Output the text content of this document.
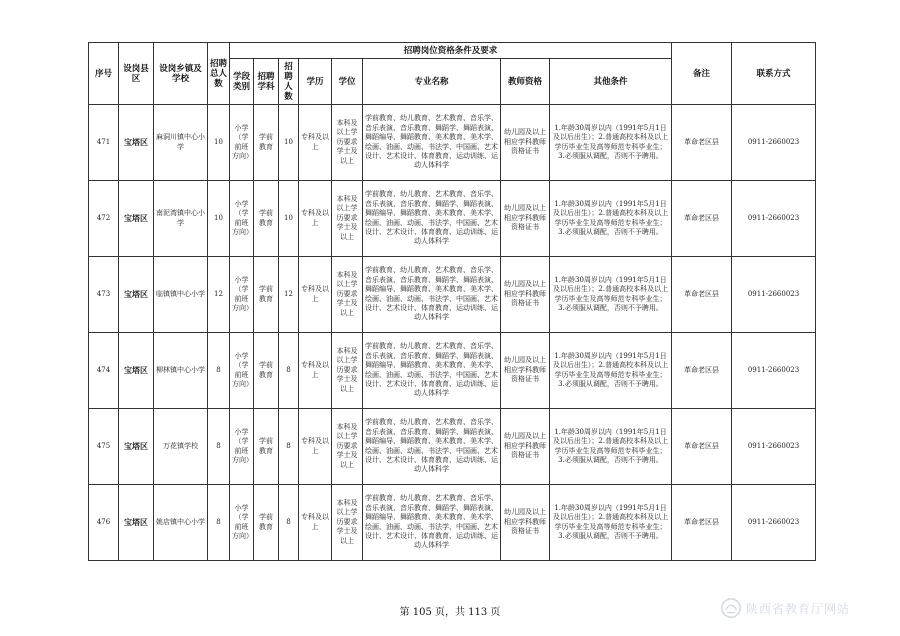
序号	设岗县区	设岗乡镇及学校	招聘总人数	招聘岗位资格条件及要求								备注	联系方式
				学段类别	招聘学科	招聘人数	学历	学位	专业名称	教师资格	其他条件		
471	宝塔区	麻洞川镇中心小学	10	小学（学前班方向）	学前教育	10	专科及以上	本科及以上学历要求学士及以上	学前教育、幼儿教育、艺术教育、音乐学、音乐表演、音乐教育、舞蹈学、舞蹈表演、舞蹈编导、舞蹈教育、美术教育、美术学、绘画、油画、动画、书法学、中国画、艺术设计、艺术设计、体育教育、运动训练、运动人体科学	幼儿园及以上相应学科教师资格证书	1.年龄30周岁以内（1991年5月1日及以后出生）；2.普通高校本科及以上学历毕业生及高等师范专科毕业生；3.必须服从调配，否则不予聘用。	革命老区县	0911-2660023
472	宝塔区	南泥湾镇中心小学	10	小学（学前班方向）	学前教育	10	专科及以上	本科及以上学历要求学士及以上	学前教育、幼儿教育、艺术教育、音乐学、音乐表演、音乐教育、舞蹈学、舞蹈表演、舞蹈编导、舞蹈教育、美术教育、美术学、绘画、油画、动画、书法学、中国画、艺术设计、艺术设计、体育教育、运动训练、运动人体科学	幼儿园及以上相应学科教师资格证书	1.年龄30周岁以内（1991年5月1日及以后出生）；2.普通高校本科及以上学历毕业生及高等师范专科毕业生；3.必须服从调配，否则不予聘用。	革命老区县	0911-2660023
473	宝塔区	临镇镇中心小学	12	小学（学前班方向）	学前教育	12	专科及以上	本科及以上学历要求学士及以上	学前教育、幼儿教育、艺术教育、音乐学、音乐表演、音乐教育、舞蹈学、舞蹈表演、舞蹈编导、舞蹈教育、美术教育、美术学、绘画、油画、动画、书法学、中国画、艺术设计、艺术设计、体育教育、运动训练、运动人体科学	幼儿园及以上相应学科教师资格证书	1.年龄30周岁以内（1991年5月1日及以后出生）；2.普通高校本科及以上学历毕业生及高等师范专科毕业生；3.必须服从调配，否则不予聘用。	革命老区县	0911-2660023
474	宝塔区	柳林镇中心小学	8	小学（学前班方向）	学前教育	8	专科及以上	本科及以上学历要求学士及以上	学前教育、幼儿教育、艺术教育、音乐学、音乐表演、音乐教育、舞蹈学、舞蹈表演、舞蹈编导、舞蹈教育、美术教育、美术学、绘画、油画、动画、书法学、中国画、艺术设计、艺术设计、体育教育、运动训练、运动人体科学	幼儿园及以上相应学科教师资格证书	1.年龄30周岁以内（1991年5月1日及以后出生）；2.普通高校本科及以上学历毕业生及高等师范专科毕业生；3.必须服从调配，否则不予聘用。	革命老区县	0911-2660023
475	宝塔区	万花镇学校	8	小学（学前班方向）	学前教育	8	专科及以上	本科及以上学历要求学士及以上	学前教育、幼儿教育、艺术教育、音乐学、音乐表演、音乐教育、舞蹈学、舞蹈表演、舞蹈编导、舞蹈教育、美术教育、美术学、绘画、油画、动画、书法学、中国画、艺术设计、艺术设计、体育教育、运动训练、运动人体科学	幼儿园及以上相应学科教师资格证书	1.年龄30周岁以内（1991年5月1日及以后出生）；2.普通高校本科及以上学历毕业生及高等师范专科毕业生；3.必须服从调配，否则不予聘用。	革命老区县	0911-2660023
476	宝塔区	姚店镇中心小学	8	小学（学前班方向）	学前教育	8	专科及以上	本科及以上学历要求学士及以上	学前教育、幼儿教育、艺术教育、音乐学、音乐表演、音乐教育、舞蹈学、舞蹈表演、舞蹈编导、舞蹈教育、美术教育、美术学、绘画、油画、动画、书法学、中国画、艺术设计、艺术设计、体育教育、运动训练、运动人体科学	幼儿园及以上相应学科教师资格证书	1.年龄30周岁以内（1991年5月1日及以后出生）；2.普通高校本科及以上学历毕业生及高等师范专科毕业生；3.必须服从调配，否则不予聘用。	革命老区县	0911-2660023
第 105 页，共 113 页	陕西省教育厅网站
